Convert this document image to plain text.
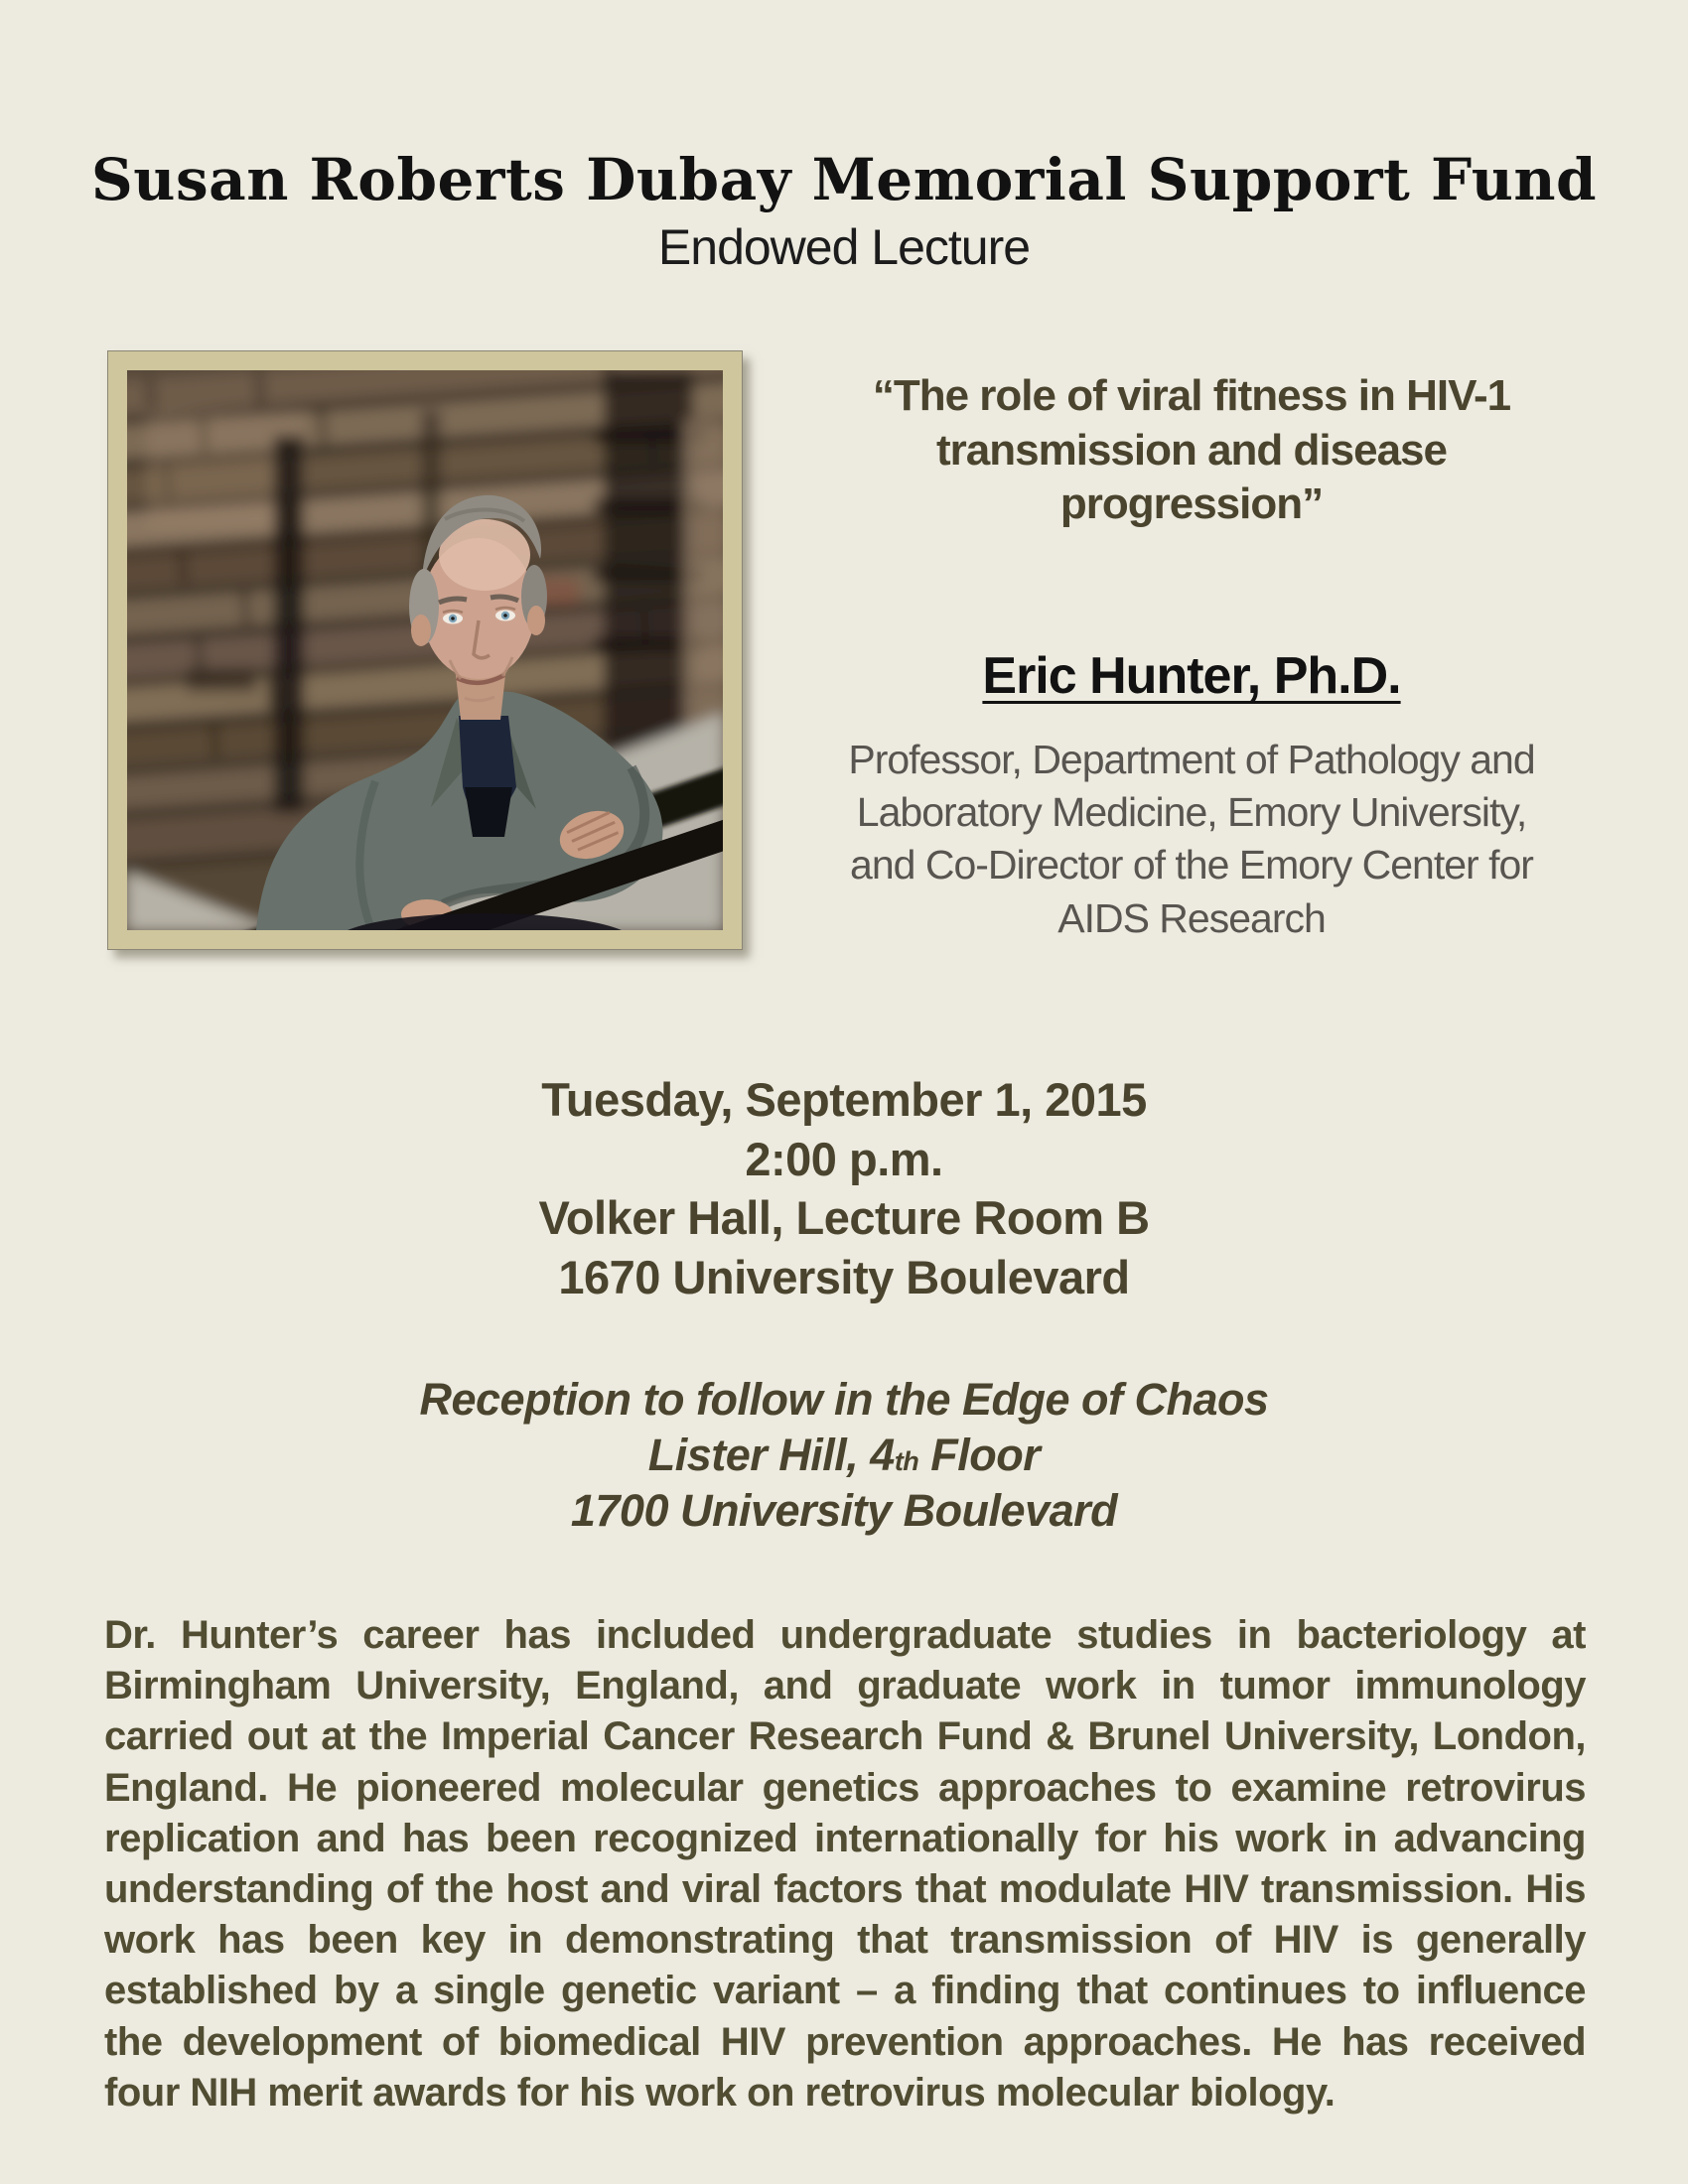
Susan Roberts Dubay Memorial Support Fund
Endowed Lecture
“The role of viral fitness in HIV-1
transmission and disease
progression”
Eric Hunter, Ph.D.
Professor, Department of Pathology and
Laboratory Medicine, Emory University,
and Co-Director of the Emory Center for
AIDS Research
Tuesday, September 1, 2015
2:00 p.m.
Volker Hall, Lecture Room B
1670 University Boulevard
Reception to follow in the Edge of Chaos
Lister Hill, 4th Floor
1700 University Boulevard
Dr. Hunter’s career has included undergraduate studies in bacteriology at Birmingham University, England, and graduate work in tumor immunology carried out at the Imperial Cancer Research Fund & Brunel University, London, England. He pioneered molecular genetics approaches to examine retrovirus replication and has been recognized internationally for his work in advancing understanding of the host and viral factors that modulate HIV transmission. His work has been key in demonstrating that transmission of HIV is generally established by a single genetic variant – a finding that continues to influence the development of biomedical HIV prevention approaches. He has received four NIH merit awards for his work on retrovirus molecular biology.
